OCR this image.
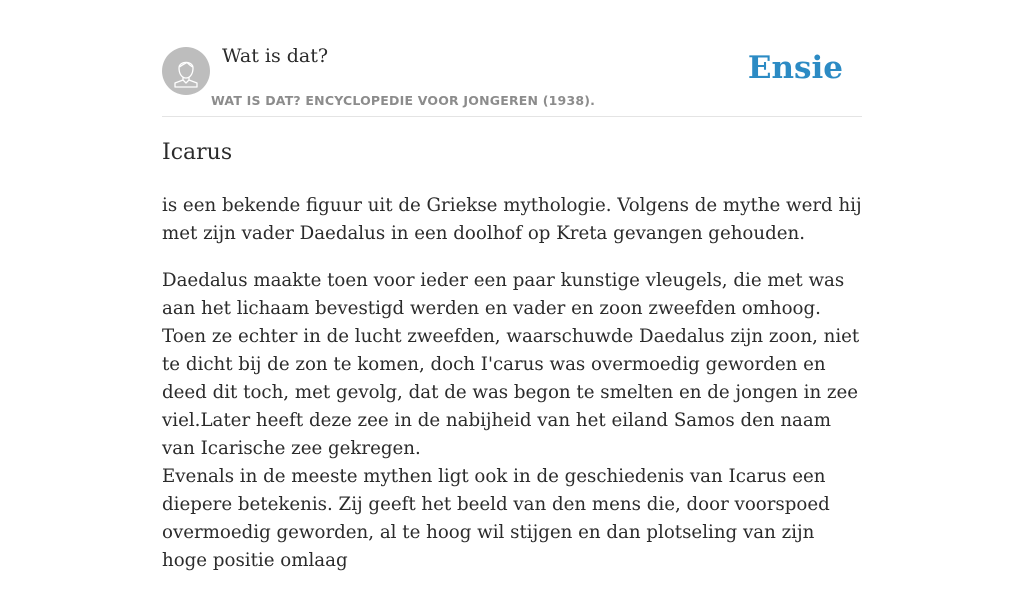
Wat is dat?
WAT IS DAT? ENCYCLOPEDIE VOOR JONGEREN (1938).
Ensie
Icarus

is een bekende figuur uit de Griekse mythologie. Volgens de mythe werd hij met zijn vader Daedalus in een doolhof op Kreta gevangen gehouden.

Daedalus maakte toen voor ieder een paar kunstige vleugels, die met was aan het lichaam bevestigd werden en vader en zoon zweefden omhoog. Toen ze echter in de lucht zweefden, waarschuwde Daedalus zijn zoon, niet te dicht bij de zon te komen, doch I'carus was overmoedig geworden en deed dit toch, met gevolg, dat de was begon te smelten en de jongen in zee viel.Later heeft deze zee in de nabijheid van het eiland Samos den naam van Icarische zee gekregen.
Evenals in de meeste mythen ligt ook in de geschiedenis van Icarus een diepere betekenis. Zij geeft het beeld van den mens die, door voorspoed overmoedig geworden, al te hoog wil stijgen en dan plotseling van zijn hoge positie omlaag
